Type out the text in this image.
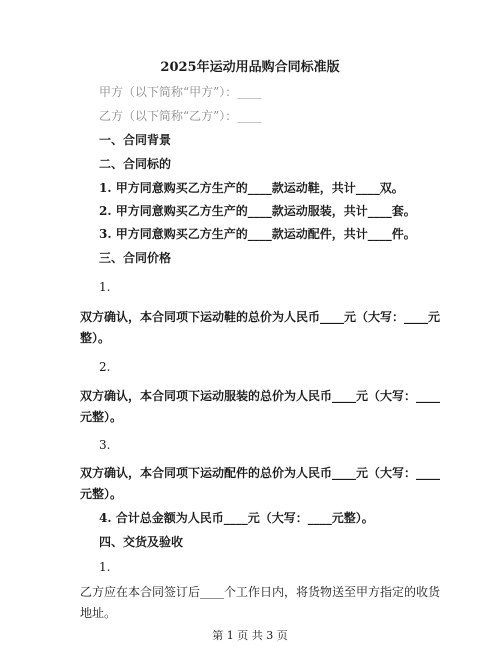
2025年运动用品购合同标准版
甲方（以下简称“甲方”）：____
乙方（以下简称“乙方”）：____
一、合同背景
二、合同标的
1. 甲方同意购买乙方生产的____款运动鞋，共计____双。
2. 甲方同意购买乙方生产的____款运动服装，共计____套。
3. 甲方同意购买乙方生产的____款运动配件，共计____件。
三、合同价格
1.
双方确认，本合同项下运动鞋的总价为人民币____元（大写：____元
整）。
2.
双方确认，本合同项下运动服装的总价为人民币____元（大写：____
元整）。
3.
双方确认，本合同项下运动配件的总价为人民币____元（大写：____
元整）。
4. 合计总金额为人民币____元（大写：____元整）。
四、交货及验收
1.
乙方应在本合同签订后____个工作日内，将货物送至甲方指定的收货
地址。
第 1 页 共 3 页
